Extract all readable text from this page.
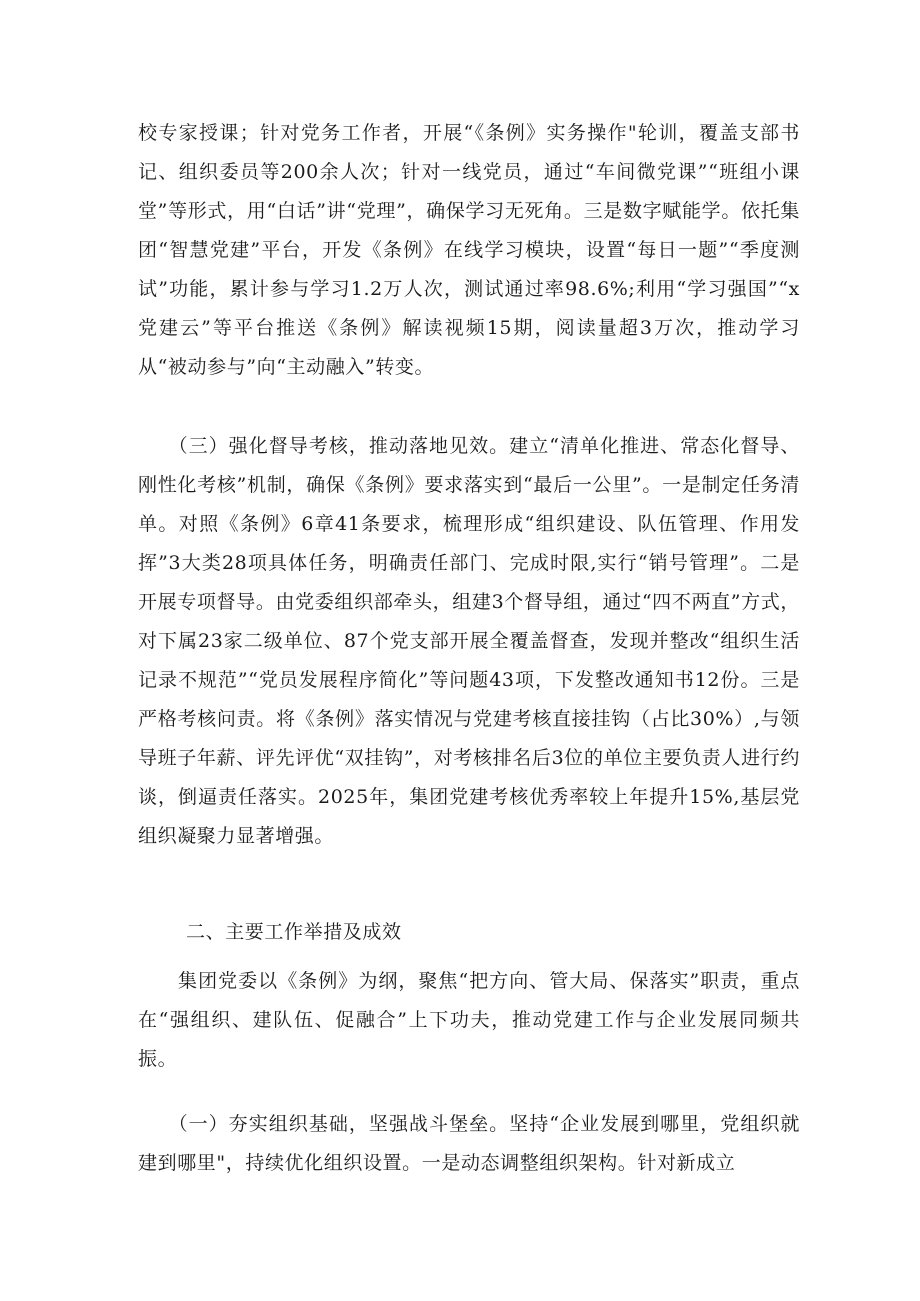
校专家授课；针对党务工作者，开展“《条例》实务操作"轮训，覆盖支部书记、组织委员等200余人次；针对一线党员，通过“车间微党课”“班组小课堂”等形式，用“白话”讲“党理”，确保学习无死角。三是数字赋能学。依托集团“智慧党建”平台，开发《条例》在线学习模块，设置“每日一题”“季度测试”功能，累计参与学习1.2万人次，测试通过率98.6%;利用“学习强国”“x党建云”等平台推送《条例》解读视频15期，阅读量超3万次，推动学习从“被动参与”向“主动融入”转变。

　　（三）强化督导考核，推动落地见效。建立“清单化推进、常态化督导、刚性化考核”机制，确保《条例》要求落实到“最后一公里”。一是制定任务清单。对照《条例》6章41条要求，梳理形成“组织建设、队伍管理、作用发挥”3大类28项具体任务，明确责任部门、完成时限,实行“销号管理”。二是开展专项督导。由党委组织部牵头，组建3个督导组，通过“四不两直”方式，对下属23家二级单位、87个党支部开展全覆盖督查，发现并整改“组织生活记录不规范”“党员发展程序简化”等问题43项，下发整改通知书12份。三是严格考核问责。将《条例》落实情况与党建考核直接挂钩（占比30%）,与领导班子年薪、评先评优“双挂钩”，对考核排名后3位的单位主要负责人进行约谈，倒逼责任落实。2025年，集团党建考核优秀率较上年提升15%,基层党组织凝聚力显著增强。

二、主要工作举措及成效

　　集团党委以《条例》为纲，聚焦“把方向、管大局、保落实”职责，重点在“强组织、建队伍、促融合”上下功夫，推动党建工作与企业发展同频共振。

　　（一）夯实组织基础，坚强战斗堡垒。坚持“企业发展到哪里，党组织就建到哪里"，持续优化组织设置。一是动态调整组织架构。针对新成立
